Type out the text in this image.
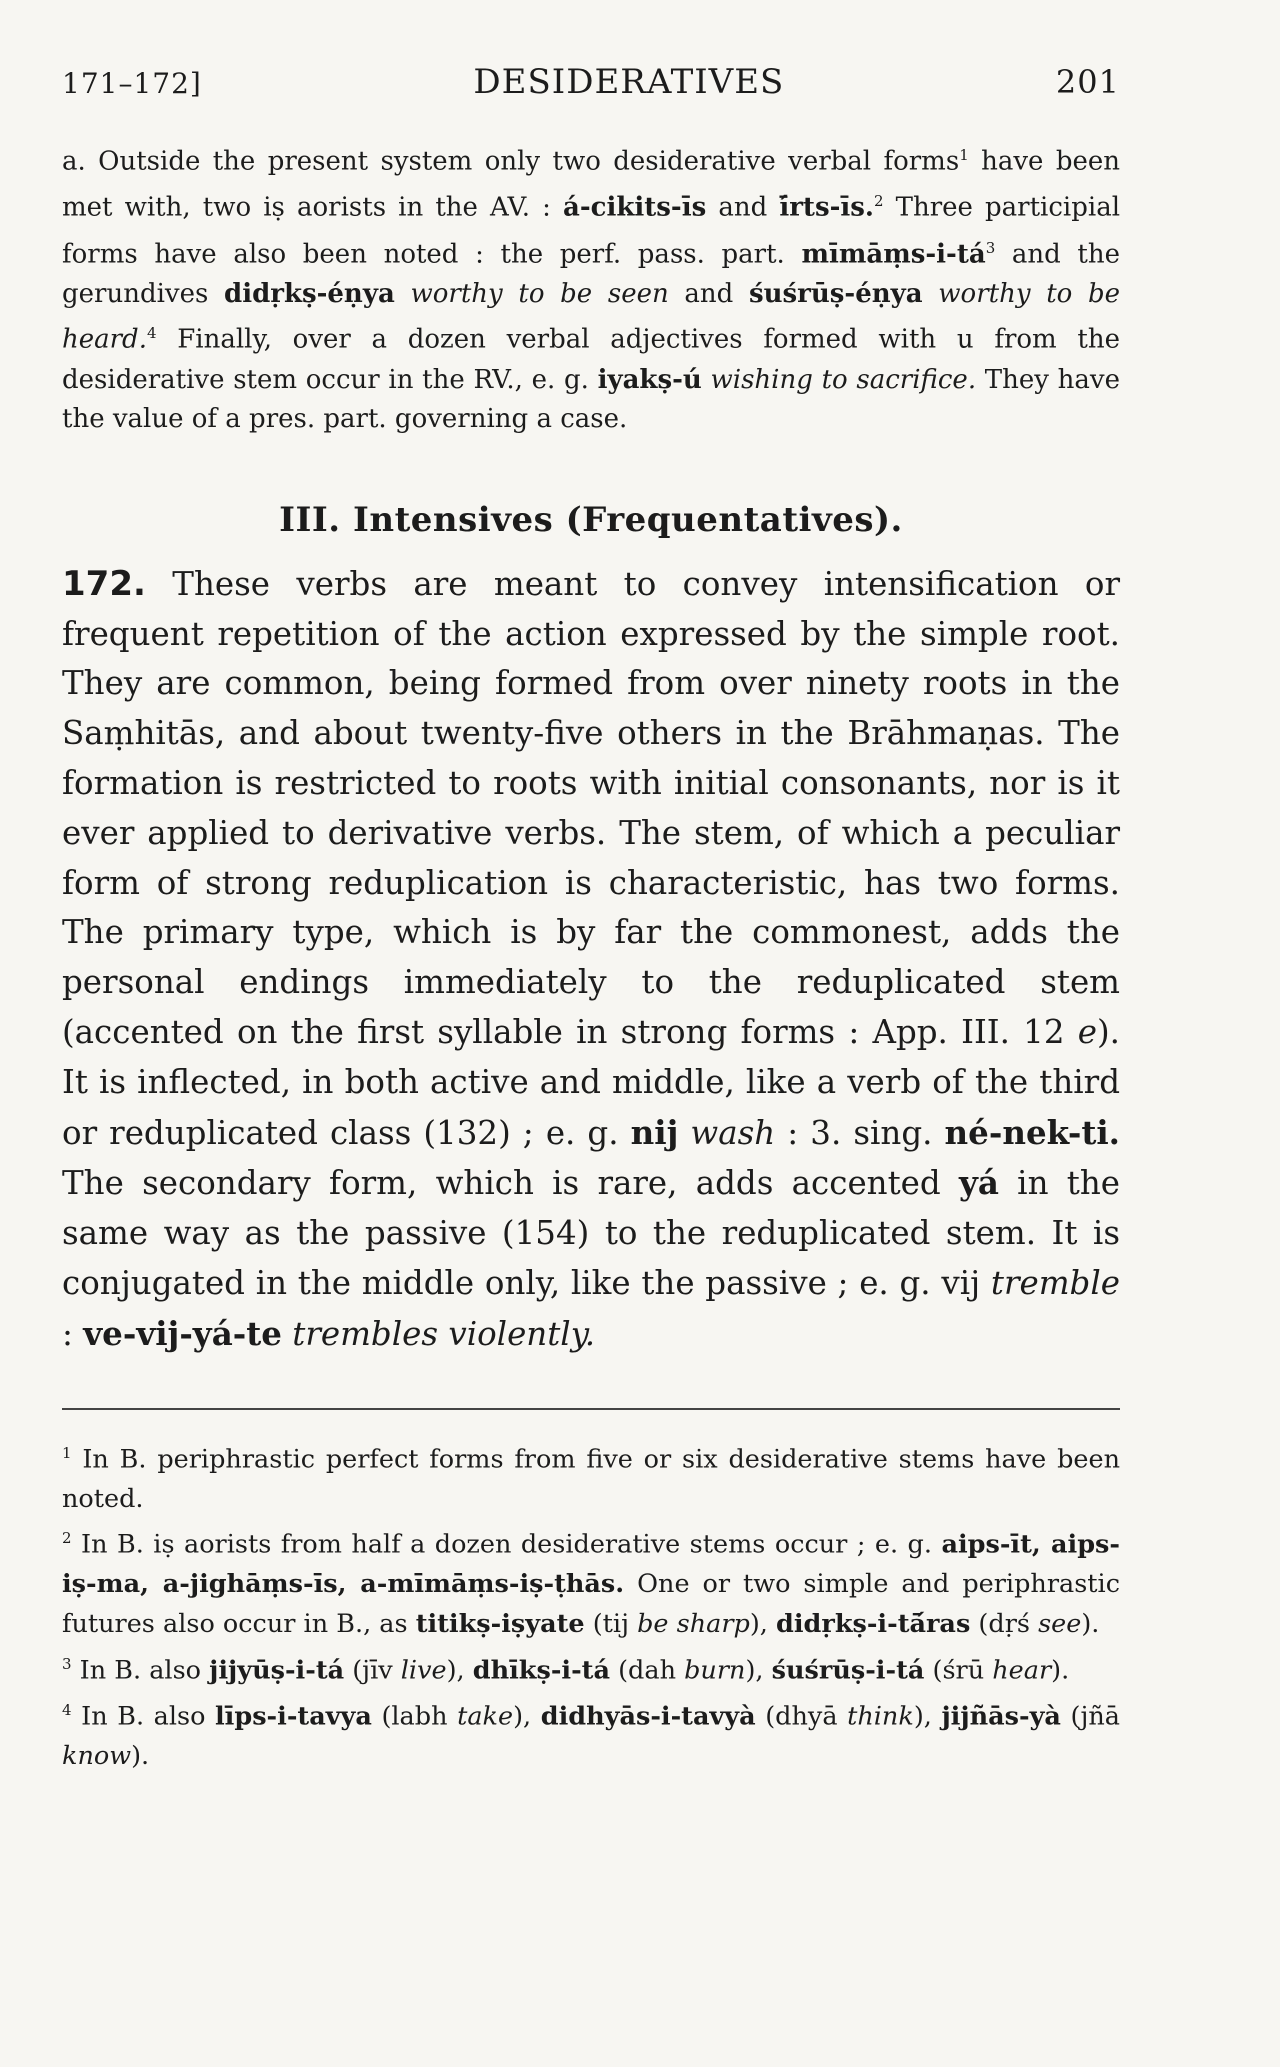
171–172]	DESIDERATIVES	201

a. Outside the present system only two desiderative verbal forms$^1$ have been met with, two iṣ aorists in the AV. : á-cikits-īs and ī́rts-īs.$^2$ Three participial forms have also been noted : the perf. pass. part. mīmāṃs-$i-tá^3$ and the gerundives didṛkṣ-éṇya worthy to be seen and śuśrūṣ-éṇya worthy to be heard.$^4$ Finally, over a dozen verbal adjectives formed with u from the desiderative stem occur in the RV., e. g. iyakṣ-ú wishing to sacrifice. They have the value of a pres. part. governing a case.

III. Intensives (Frequentatives).

172. These verbs are meant to convey intensification or frequent repetition of the action expressed by the simple root. They are common, being formed from over ninety roots in the Saṃhitās, and about twenty-five others in the Brāhmaṇas. The formation is restricted to roots with initial consonants, nor is it ever applied to derivative verbs. The stem, of which a peculiar form of strong reduplication is characteristic, has two forms. The primary type, which is by far the commonest, adds the personal endings immediately to the reduplicated stem (accented on the first syllable in strong forms : App. III. 12 e). It is inflected, in both active and middle, like a verb of the third or reduplicated class (132) ; e. g. nij wash : 3. sing. né-nek-ti. The secondary form, which is rare, adds accented yá in the same way as the passive (154) to the reduplicated stem. It is conjugated in the middle only, like the passive ; e. g. vij tremble : ve-vij-yá-te trembles violently.

$^1$ In B. periphrastic perfect forms from five or six desiderative stems have been noted.

$^2$ In B. iṣ aorists from half a dozen desiderative stems occur ; e. g. aips-īt, aips-iṣ-ma, a-jighāṃs-īs, a-mīmāṃs-iṣ-ṭhās. One or two simple and periphrastic futures also occur in B., as titikṣ-iṣyate (tij be sharp), didṛkṣ-i-tā́ras (dṛś see).

$^3$ In B. also jijyūṣ-i-tá (jīv live), dhīkṣ-i-tá (dah burn), śuśrūṣ-i-tá (śrū hear).

$^4$ In B. also līps-i-tavya (labh take), didhyās-i-tavyà (dhyā think), jijñās-yà (jñā know).
